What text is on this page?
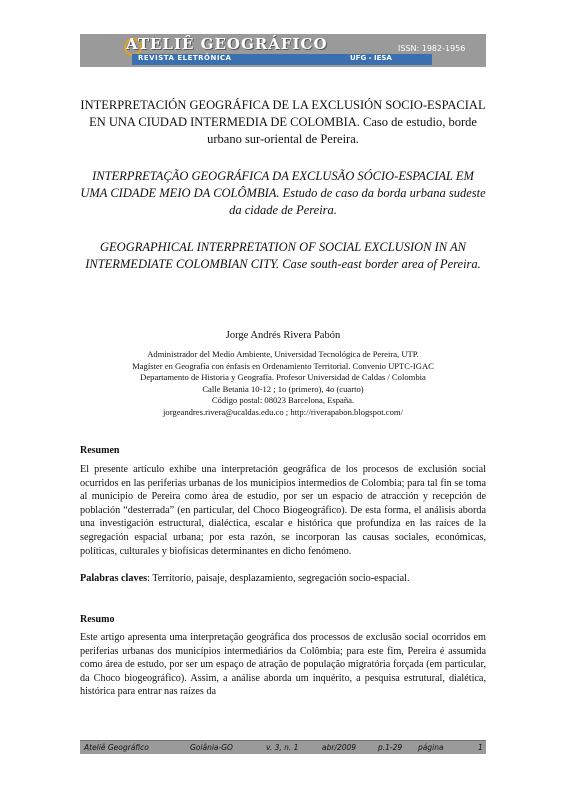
ATELIÊ GEOGRÁFICO
REVISTA ELETRÔNICA	UFG - IESA
ISSN: 1982-1956
INTERPRETACIÓN GEOGRÁFICA DE LA EXCLUSIÓN SOCIO-ESPACIAL EN UNA CIUDAD INTERMEDIA DE COLOMBIA. Caso de estudio, borde urbano sur-oriental de Pereira.
INTERPRETAÇÃO GEOGRÁFICA DA EXCLUSÃO SÓCIO-ESPACIAL EM UMA CIDADE MEIO DA COLÔMBIA. Estudo de caso da borda urbana sudeste da cidade de Pereira.
GEOGRAPHICAL INTERPRETATION OF SOCIAL EXCLUSION IN AN INTERMEDIATE COLOMBIAN CITY. Case south-east border area of Pereira.
Jorge Andrés Rivera Pabón
Administrador del Medio Ambiente, Universidad Tecnológica de Pereira, UTP.
Magíster en Geografía con énfasis en Ordenamiento Territorial. Convenio UPTC-IGAC
Departamento de Historia y Geografía. Profesor Universidad de Caldas / Colombia
Calle Betania 10-12 ; 1o (primero), 4o (cuarto)
Código postal: 08023 Barcelona, España.
jorgeandres.rivera@ucaldas.edu.co ; http://riverapabon.blogspot.com/
Resumen
El presente artículo exhibe una interpretación geográfica de los procesos de exclusión social ocurridos en las periferias urbanas de los municipios intermedios de Colombia; para tal fin se toma al municipio de Pereira como área de estudio, por ser un espacio de atracción y recepción de población “desterrada” (en particular, del Choco Biogeográfico). De esta forma, el análisis aborda una investigación estructural, dialéctica, escalar e histórica que profundiza en las raíces de la segregación espacial urbana; por esta razón, se incorporan las causas sociales, económicas, políticas, culturales y biofísicas determinantes en dicho fenómeno.
Palabras claves: Territorio, paisaje, desplazamiento, segregación socio-espacial.
Resumo
Este artigo apresenta uma interpretação geográfica dos processos de exclusão social ocorridos em periferias urbanas dos municípios intermediários da Colômbia; para este fim, Pereira é assumida como área de estudo, por ser um espaço de atração de população migratória forçada (em particular, da Choco biogeográfico). Assim, a análise aborda um inquérito, a pesquisa estrutural, dialética, histórica para entrar nas raízes da
Ateliê Geográfico	Goiânia-GO	v. 3, n. 1	abr/2009	p.1-29 página	1
